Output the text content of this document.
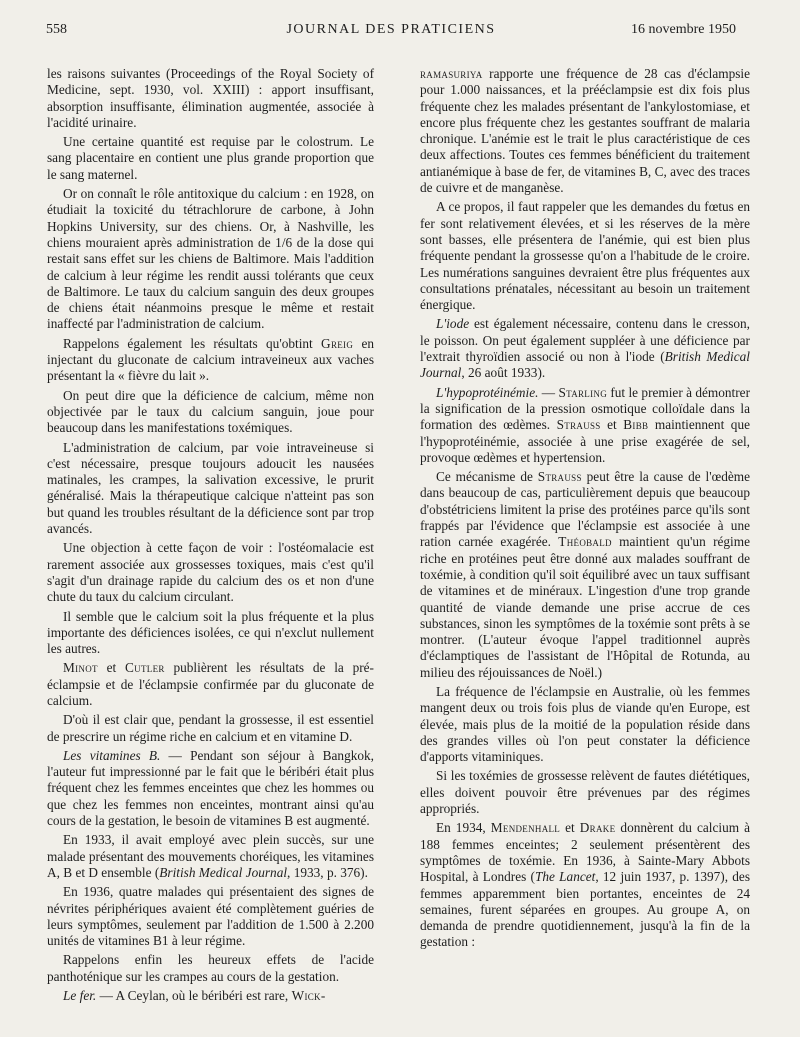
558	JOURNAL DES PRATICIENS	16 novembre 1950

les raisons suivantes (Proceedings of the Royal Society of Medicine, sept. 1930, vol. XXIII) : apport insuffisant, absorption insuffisante, élimination augmentée, associée à l'acidité urinaire.

Une certaine quantité est requise par le colostrum. Le sang placentaire en contient une plus grande proportion que le sang maternel.

Or on connaît le rôle antitoxique du calcium : en 1928, on étudiait la toxicité du tétrachlorure de carbone, à John Hopkins University, sur des chiens. Or, à Nashville, les chiens mouraient après administration de 1/6 de la dose qui restait sans effet sur les chiens de Baltimore. Mais l'addition de calcium à leur régime les rendit aussi tolérants que ceux de Baltimore. Le taux du calcium sanguin des deux groupes de chiens était néanmoins presque le même et restait inaffecté par l'administration de calcium.

Rappelons également les résultats qu'obtint Greig en injectant du gluconate de calcium intraveineux aux vaches présentant la « fièvre du lait ».

On peut dire que la déficience de calcium, même non objectivée par le taux du calcium sanguin, joue pour beaucoup dans les manifestations toxémiques.

L'administration de calcium, par voie intraveineuse si c'est nécessaire, presque toujours adoucit les nausées matinales, les crampes, la salivation excessive, le prurit généralisé. Mais la thérapeutique calcique n'atteint pas son but quand les troubles résultant de la déficience sont par trop avancés.

Une objection à cette façon de voir : l'ostéomalacie est rarement associée aux grossesses toxiques, mais c'est qu'il s'agit d'un drainage rapide du calcium des os et non d'une chute du taux du calcium circulant.

Il semble que le calcium soit la plus fréquente et la plus importante des déficiences isolées, ce qui n'exclut nullement les autres.

Minot et Cutler publièrent les résultats de la pré-éclampsie et de l'éclampsie confirmée par du gluconate de calcium.

D'où il est clair que, pendant la grossesse, il est essentiel de prescrire un régime riche en calcium et en vitamine D.

Les vitamines B. — Pendant son séjour à Bangkok, l'auteur fut impressionné par le fait que le béribéri était plus fréquent chez les femmes enceintes que chez les hommes ou que chez les femmes non enceintes, montrant ainsi qu'au cours de la gestation, le besoin de vitamines B est augmenté.

En 1933, il avait employé avec plein succès, sur une malade présentant des mouvements choréiques, les vitamines A, B et D ensemble (British Medical Journal, 1933, p. 376).

En 1936, quatre malades qui présentaient des signes de névrites périphériques avaient été complètement guéries de leurs symptômes, seulement par l'addition de 1.500 à 2.200 unités de vitamines B1 à leur régime.

Rappelons enfin les heureux effets de l'acide panthoténique sur les crampes au cours de la gestation.

Le fer. — A Ceylan, où le béribéri est rare, Wick-

ramasuriya rapporte une fréquence de 28 cas d'éclampsie pour 1.000 naissances, et la prééclampsie est dix fois plus fréquente chez les malades présentant de l'ankylostomiase, et encore plus fréquente chez les gestantes souffrant de malaria chronique. L'anémie est le trait le plus caractéristique de ces deux affections. Toutes ces femmes bénéficient du traitement antianémique à base de fer, de vitamines B, C, avec des traces de cuivre et de manganèse.

A ce propos, il faut rappeler que les demandes du fœtus en fer sont relativement élevées, et si les réserves de la mère sont basses, elle présentera de l'anémie, qui est bien plus fréquente pendant la grossesse qu'on a l'habitude de le croire. Les numérations sanguines devraient être plus fréquentes aux consultations prénatales, nécessitant au besoin un traitement énergique.

L'iode est également nécessaire, contenu dans le cresson, le poisson. On peut également suppléer à une déficience par l'extrait thyroïdien associé ou non à l'iode (British Medical Journal, 26 août 1933).

L'hypoprotéinémie. — Starling fut le premier à démontrer la signification de la pression osmotique colloïdale dans la formation des œdèmes. Strauss et Bibb maintiennent que l'hypoprotéinémie, associée à une prise exagérée de sel, provoque œdèmes et hypertension.

Ce mécanisme de Strauss peut être la cause de l'œdème dans beaucoup de cas, particulièrement depuis que beaucoup d'obstétriciens limitent la prise des protéines parce qu'ils sont frappés par l'évidence que l'éclampsie est associée à une ration carnée exagérée. Théobald maintient qu'un régime riche en protéines peut être donné aux malades souffrant de toxémie, à condition qu'il soit équilibré avec un taux suffisant de vitamines et de minéraux. L'ingestion d'une trop grande quantité de viande demande une prise accrue de ces substances, sinon les symptômes de la toxémie sont prêts à se montrer. (L'auteur évoque l'appel traditionnel auprès d'éclamptiques de l'assistant de l'Hôpital de Rotunda, au milieu des réjouissances de Noël.)

La fréquence de l'éclampsie en Australie, où les femmes mangent deux ou trois fois plus de viande qu'en Europe, est élevée, mais plus de la moitié de la population réside dans des grandes villes où l'on peut constater la déficience d'apports vitaminiques.

Si les toxémies de grossesse relèvent de fautes diététiques, elles doivent pouvoir être prévenues par des régimes appropriés.

En 1934, Mendenhall et Drake donnèrent du calcium à 188 femmes enceintes; 2 seulement présentèrent des symptômes de toxémie. En 1936, à Sainte-Mary Abbots Hospital, à Londres (The Lancet, 12 juin 1937, p. 1397), des femmes apparemment bien portantes, enceintes de 24 semaines, furent séparées en groupes. Au groupe A, on demanda de prendre quotidiennement, jusqu'à la fin de la gestation :
